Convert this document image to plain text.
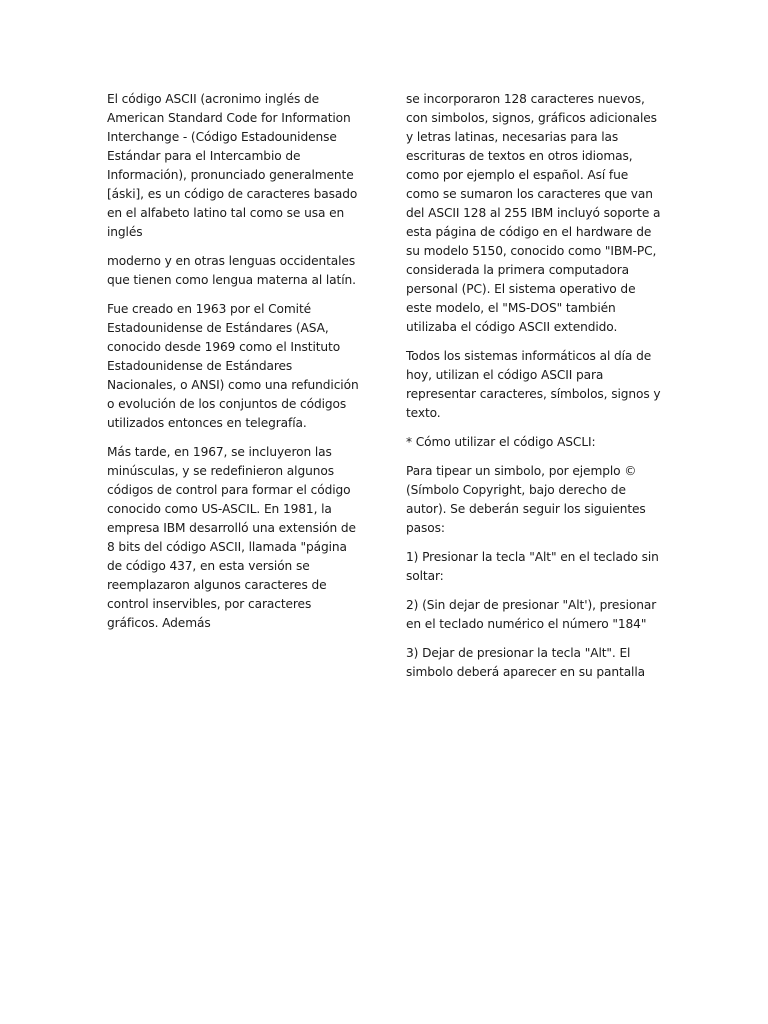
El código ASCII (acronimo inglés de American Standard Code for Information Interchange - (Código Estadounidense Estándar para el Intercambio de Información), pronunciado generalmente [áski], es un código de caracteres basado en el alfabeto latino tal como se usa en inglés

moderno y en otras lenguas occidentales que tienen como lengua materna al latín.

Fue creado en 1963 por el Comité Estadounidense de Estándares (ASA, conocido desde 1969 como el Instituto Estadounidense de Estándares Nacionales, o ANSI) como una refundición o evolución de los conjuntos de códigos utilizados entonces en telegrafía.

Más tarde, en 1967, se incluyeron las minúsculas, y se redefinieron algunos códigos de control para formar el código conocido como US-ASCIL. En 1981, la empresa IBM desarrolló una extensión de 8 bits del código ASCII, llamada "página de código 437, en esta versión se reemplazaron algunos caracteres de control inservibles, por caracteres gráficos. Además

se incorporaron 128 caracteres nuevos, con simbolos, signos, gráficos adicionales y letras latinas, necesarias para las escrituras de textos en otros idiomas, como por ejemplo el español. Así fue como se sumaron los caracteres que van del ASCII 128 al 255 IBM incluyó soporte a esta página de código en el hardware de su modelo 5150, conocido como "IBM-PC, considerada la primera computadora personal (PC). El sistema operativo de este modelo, el "MS-DOS" también utilizaba el código ASCII extendido.

Todos los sistemas informáticos al día de hoy, utilizan el código ASCII para representar caracteres, símbolos, signos y texto.

* Cómo utilizar el código ASCLI:

Para tipear un simbolo, por ejemplo © (Símbolo Copyright, bajo derecho de autor). Se deberán seguir los siguientes pasos:

1) Presionar la tecla "Alt" en el teclado sin soltar:

2) (Sin dejar de presionar "Alt'), presionar en el teclado numérico el número "184"

3) Dejar de presionar la tecla "Alt". El simbolo deberá aparecer en su pantalla
